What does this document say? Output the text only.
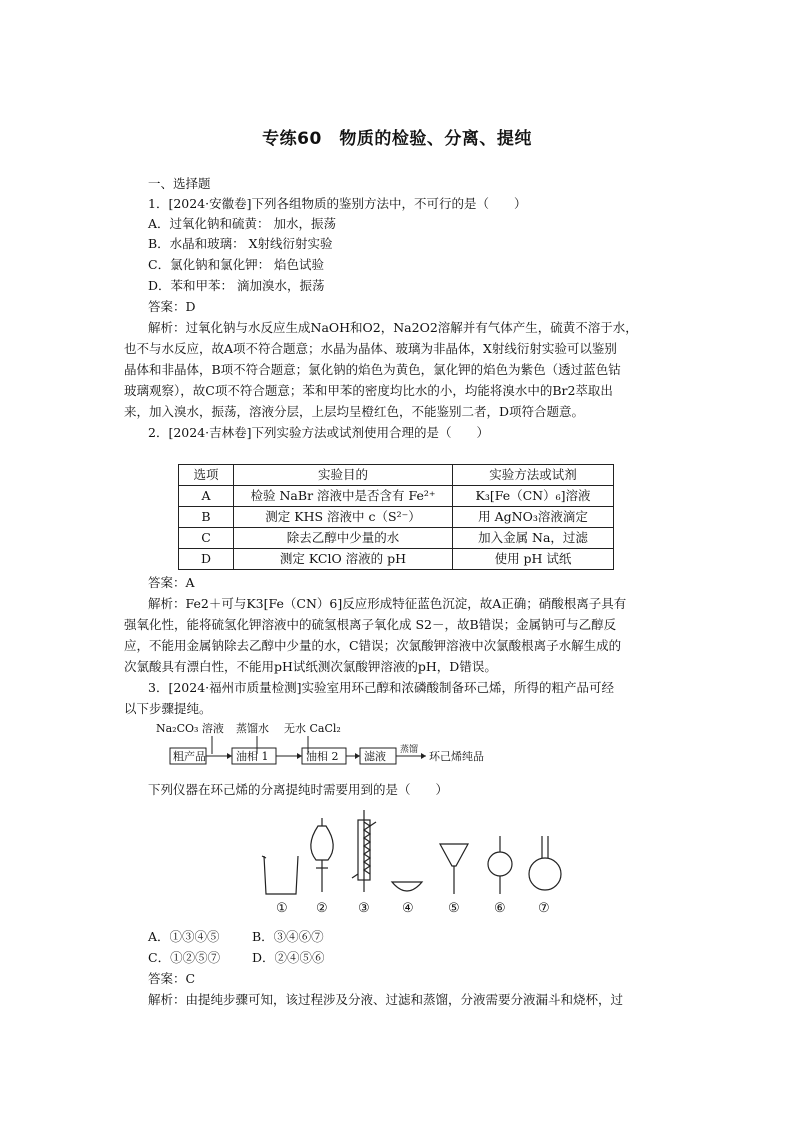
专练60　物质的检验、分离、提纯
一、选择题
1．[2024·安徽卷]下列各组物质的鉴别方法中，不可行的是（　　）
A．过氧化钠和硫黄： 加水，振荡
B．水晶和玻璃： X射线衍射实验
C．氯化钠和氯化钾： 焰色试验
D．苯和甲苯： 滴加溴水，振荡
答案：D
解析：过氧化钠与水反应生成NaOH和O2，Na2O2溶解并有气体产生，硫黄不溶于水，
也不与水反应，故A项不符合题意；水晶为晶体、玻璃为非晶体，X射线衍射实验可以鉴别
晶体和非晶体，B项不符合题意；氯化钠的焰色为黄色，氯化钾的焰色为紫色（透过蓝色钴
玻璃观察），故C项不符合题意；苯和甲苯的密度均比水的小，均能将溴水中的Br2萃取出
来，加入溴水，振荡，溶液分层，上层均呈橙红色，不能鉴别二者，D项符合题意。
2．[2024·吉林卷]下列实验方法或试剂使用合理的是（　　）
选项	实验目的	实验方法或试剂
A	检验 NaBr 溶液中是否含有 Fe²⁺	K₃[Fe（CN）₆]溶液
B	测定 KHS 溶液中 c（S²⁻）	用 AgNO₃溶液滴定
C	除去乙醇中少量的水	加入金属 Na，过滤
D	测定 KClO 溶液的 pH	使用 pH 试纸
答案：A
解析：Fe2＋可与K3[Fe（CN）6]反应形成特征蓝色沉淀，故A正确；硝酸根离子具有
强氧化性，能将硫氢化钾溶液中的硫氢根离子氧化成 S2－，故B错误；金属钠可与乙醇反
应，不能用金属钠除去乙醇中少量的水，C错误；次氯酸钾溶液中次氯酸根离子水解生成的
次氯酸具有漂白性，不能用pH试纸测次氯酸钾溶液的pH，D错误。
3．[2024·福州市质量检测]实验室用环己醇和浓磷酸制备环己烯，所得的粗产品可经
以下步骤提纯。
Na₂CO₃ 溶液 蒸馏水 无水 CaCl₂
粗产品	油相 1	油相 2 滤液 蒸馏 环己烯纯品
下列仪器在环己烯的分离提纯时需要用到的是（　　）
① ② ③ ④	⑤	⑥ ⑦
A．①③④⑤	B．③④⑥⑦
C．①②⑤⑦	D．②④⑤⑥
答案：C
解析：由提纯步骤可知，该过程涉及分液、过滤和蒸馏，分液需要分液漏斗和烧杯，过
